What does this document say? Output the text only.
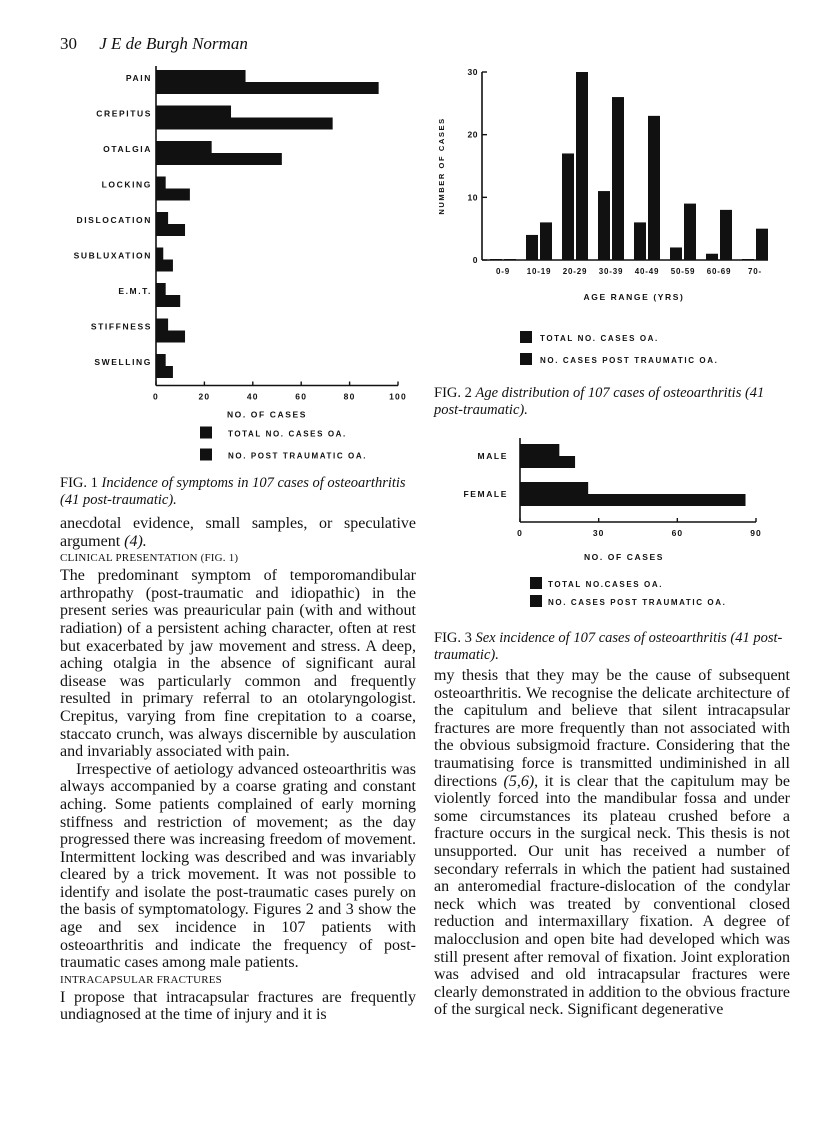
30 J E de Burgh Norman
PAIN
CREPITUS
OTALGIA
LOCKING
DISLOCATION
SUBLUXATION
E.M.T.
STIFFNESS
SWELLING
0	20	40	60	80	100
NO. OF CASES
TOTAL NO. CASES OA.
NO. POST TRAUMATIC OA.
FIG. 1 Incidence of symptoms in 107 cases of osteoarthritis (41 post-traumatic).
0
10
20
30
NUMBER OF CASES
0-9 10-19 20-29 30-39 40-49 50-59 60-69 70-
AGE RANGE (YRS)
TOTAL NO. CASES OA.
NO. CASES POST TRAUMATIC OA.
FIG. 2 Age distribution of 107 cases of osteoarthritis (41 post-traumatic).
MALE
FEMALE
0	30	60	90
NO. OF CASES
TOTAL NO.CASES OA.
NO. CASES POST TRAUMATIC OA.
FIG. 3 Sex incidence of 107 cases of osteoarthritis (41 post-traumatic).

anecdotal evidence, small samples, or speculative argument (4).

CLINICAL PRESENTATION (FIG. 1)

The predominant symptom of temporomandibular arthropathy (post-traumatic and idiopathic) in the present series was preauricular pain (with and without radiation) of a persistent aching character, often at rest but exacerbated by jaw movement and stress. A deep, aching otalgia in the absence of significant aural disease was particularly common and frequently resulted in primary referral to an otolaryngologist. Crepitus, varying from fine crepitation to a coarse, staccato crunch, was always discernible by ausculation and invariably associated with pain.

Irrespective of aetiology advanced osteoarthritis was always accompanied by a coarse grating and constant aching. Some patients complained of early morning stiffness and restriction of movement; as the day progressed there was increasing freedom of movement. Intermittent locking was described and was invariably cleared by a trick movement. It was not possible to identify and isolate the post-traumatic cases purely on the basis of symptomatology. Figures 2 and 3 show the age and sex incidence in 107 patients with osteoarthritis and indicate the frequency of post-traumatic cases among male patients.

INTRACAPSULAR FRACTURES

I propose that intracapsular fractures are frequently undiagnosed at the time of injury and it is

my thesis that they may be the cause of subsequent osteoarthritis. We recognise the delicate architecture of the capitulum and believe that silent intracapsular fractures are more frequently than not associated with the obvious subsigmoid fracture. Considering that the traumatising force is transmitted undiminished in all directions (5,6), it is clear that the capitulum may be violently forced into the mandibular fossa and under some circumstances its plateau crushed before a fracture occurs in the surgical neck. This thesis is not unsupported. Our unit has received a number of secondary referrals in which the patient had sustained an anteromedial fracture-dislocation of the condylar neck which was treated by conventional closed reduction and intermaxillary fixation. A degree of malocclusion and open bite had developed which was still present after removal of fixation. Joint exploration was advised and old intracapsular fractures were clearly demonstrated in addition to the obvious fracture of the surgical neck. Significant degenerative
